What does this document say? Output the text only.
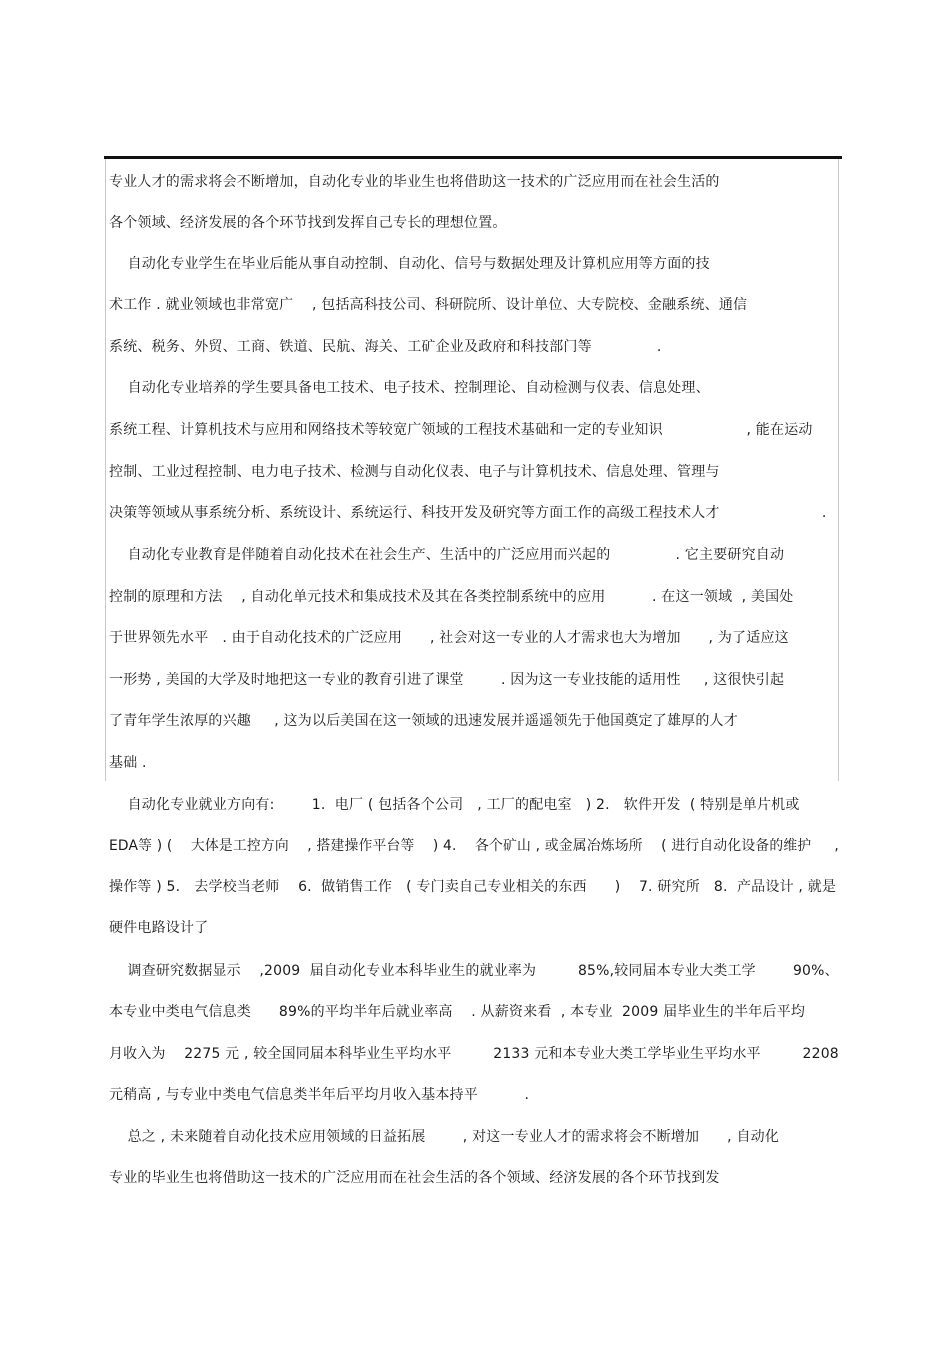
专业人才的需求将会不断增加，自动化专业的毕业生也将借助这一技术的广泛应用而在社会生活的
各个领域、经济发展的各个环节找到发挥自己专长的理想位置。
自动化专业学生在毕业后能从事自动控制、自动化、信号与数据处理及计算机应用等方面的技
术工作 . 就业领域也非常宽广    , 包括高科技公司、科研院所、设计单位、大专院校、金融系统、通信
系统、税务、外贸、工商、铁道、民航、海关、工矿企业及政府和科技部门等              .
自动化专业培养的学生要具备电工技术、电子技术、控制理论、自动检测与仪表、信息处理、
系统工程、计算机技术与应用和网络技术等较宽广领域的工程技术基础和一定的专业知识                  , 能在运动
控制、工业过程控制、电力电子技术、检测与自动化仪表、电子与计算机技术、信息处理、管理与
决策等领域从事系统分析、系统设计、系统运行、科技开发及研究等方面工作的高级工程技术人才                      .
自动化专业教育是伴随着自动化技术在社会生产、生活中的广泛应用而兴起的              . 它主要研究自动
控制的原理和方法    , 自动化单元技术和集成技术及其在各类控制系统中的应用          . 在这一领域  , 美国处
于世界领先水平   . 由于自动化技术的广泛应用      , 社会对这一专业的人才需求也大为增加      , 为了适应这
一形势 , 美国的大学及时地把这一专业的教育引进了课堂        . 因为这一专业技能的适用性     , 这很快引起
了青年学生浓厚的兴趣     , 这为以后美国在这一领域的迅速发展并遥遥领先于他国奠定了雄厚的人才
基础 .
自动化专业就业方向有:        1.  电厂 ( 包括各个公司   , 工厂的配电室   ) 2.   软件开发  ( 特别是单片机或
EDA等 ) (    大体是工控方向    , 搭建操作平台等    ) 4.    各个矿山 , 或金属冶炼场所    ( 进行自动化设备的维护     ,
操作等 ) 5.   去学校当老师    6.  做销售工作   ( 专门卖自己专业相关的东西      )    7. 研究所   8.  产品设计 , 就是
硬件电路设计了
调查研究数据显示    ,2009  届自动化专业本科毕业生的就业率为         85%,较同届本专业大类工学        90%、
本专业中类电气信息类      89%的平均半年后就业率高    . 从薪资来看  , 本专业  2009 届毕业生的半年后平均
月收入为    2275 元 , 较全国同届本科毕业生平均水平         2133 元和本专业大类工学毕业生平均水平         2208
元稍高 , 与专业中类电气信息类半年后平均月收入基本持平          .
总之 , 未来随着自动化技术应用领域的日益拓展        , 对这一专业人才的需求将会不断增加      , 自动化
专业的毕业生也将借助这一技术的广泛应用而在社会生活的各个领域、经济发展的各个环节找到发
